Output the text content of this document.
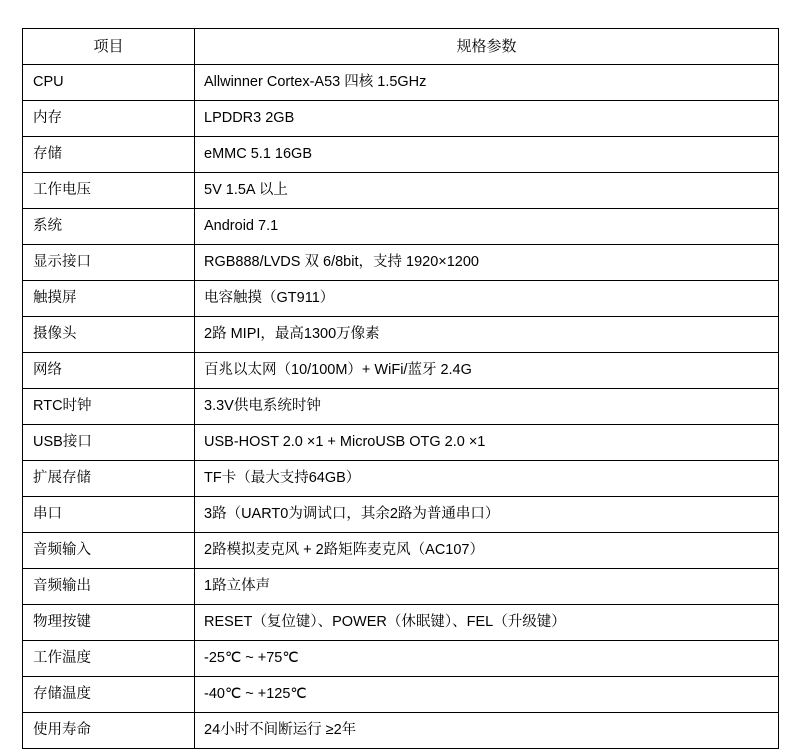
项目	规格参数
CPU	Allwinner Cortex-A53 四核 1.5GHz
内存	LPDDR3 2GB
存储	eMMC 5.1 16GB
工作电压	5V 1.5A 以上
系统	Android 7.1
显示接口	RGB888/LVDS 双 6/8bit，支持 1920×1200
触摸屏	电容触摸（GT911）
摄像头	2路 MIPI，最高1300万像素
网络	百兆以太网（10/100M）+ WiFi/蓝牙 2.4G
RTC时钟	3.3V供电系统时钟
USB接口	USB-HOST 2.0 ×1 + MicroUSB OTG 2.0 ×1
扩展存储	TF卡（最大支持64GB）
串口	3路（UART0为调试口，其余2路为普通串口）
音频输入	2路模拟麦克风 + 2路矩阵麦克风（AC107）
音频输出	1路立体声
物理按键	RESET（复位键）、POWER（休眠键）、FEL（升级键）
工作温度	-25℃ ~ +75℃
存储温度	-40℃ ~ +125℃
使用寿命	24小时不间断运行 ≥2年
